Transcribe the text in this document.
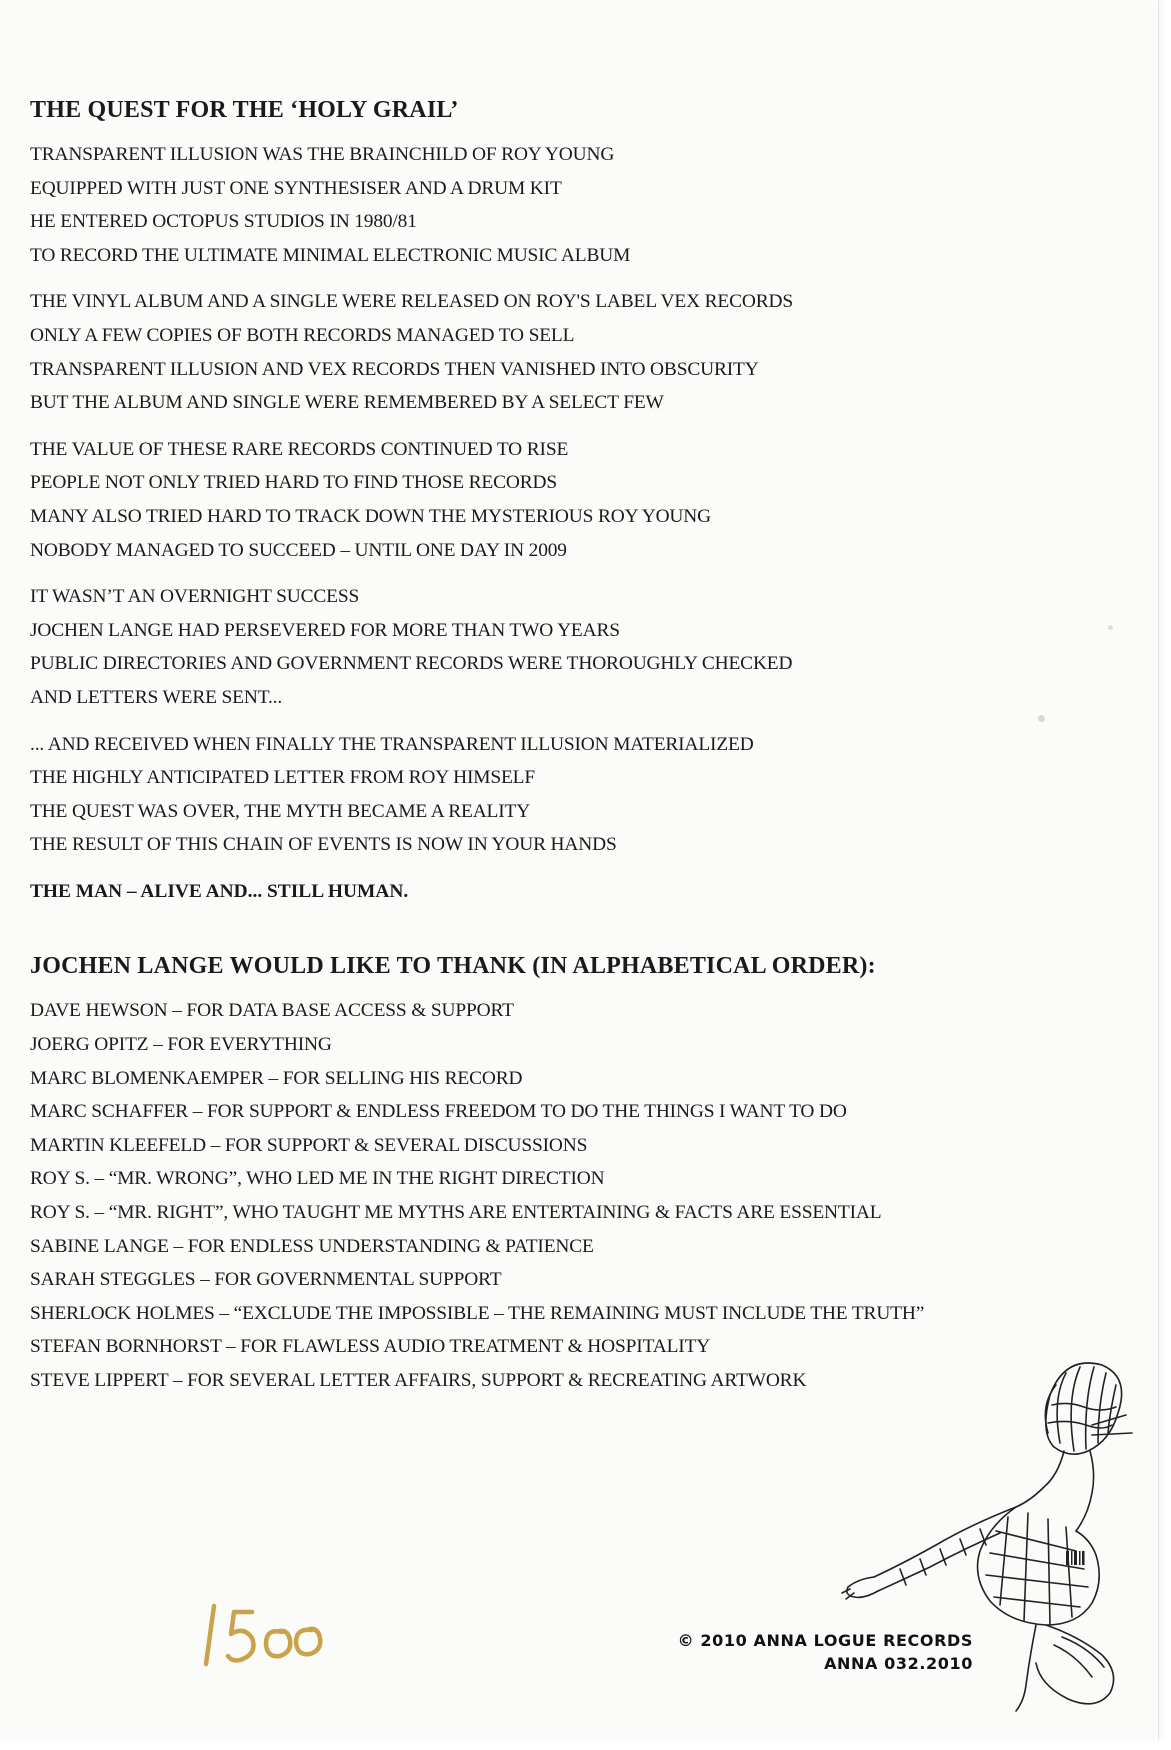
THE QUEST FOR THE ‘HOLY GRAIL’
TRANSPARENT ILLUSION WAS THE BRAINCHILD OF ROY YOUNG
EQUIPPED WITH JUST ONE SYNTHESISER AND A DRUM KIT
HE ENTERED OCTOPUS STUDIOS IN 1980/81
TO RECORD THE ULTIMATE MINIMAL ELECTRONIC MUSIC ALBUM
THE VINYL ALBUM AND A SINGLE WERE RELEASED ON ROY'S LABEL VEX RECORDS
ONLY A FEW COPIES OF BOTH RECORDS MANAGED TO SELL
TRANSPARENT ILLUSION AND VEX RECORDS THEN VANISHED INTO OBSCURITY
BUT THE ALBUM AND SINGLE WERE REMEMBERED BY A SELECT FEW
THE VALUE OF THESE RARE RECORDS CONTINUED TO RISE
PEOPLE NOT ONLY TRIED HARD TO FIND THOSE RECORDS
MANY ALSO TRIED HARD TO TRACK DOWN THE MYSTERIOUS ROY YOUNG
NOBODY MANAGED TO SUCCEED – UNTIL ONE DAY IN 2009
IT WASN’T AN OVERNIGHT SUCCESS
JOCHEN LANGE HAD PERSEVERED FOR MORE THAN TWO YEARS
PUBLIC DIRECTORIES AND GOVERNMENT RECORDS WERE THOROUGHLY CHECKED
AND LETTERS WERE SENT...
... AND RECEIVED WHEN FINALLY THE TRANSPARENT ILLUSION MATERIALIZED
THE HIGHLY ANTICIPATED LETTER FROM ROY HIMSELF
THE QUEST WAS OVER, THE MYTH BECAME A REALITY
THE RESULT OF THIS CHAIN OF EVENTS IS NOW IN YOUR HANDS
THE MAN – ALIVE AND... STILL HUMAN.
JOCHEN LANGE WOULD LIKE TO THANK (IN ALPHABETICAL ORDER):
DAVE HEWSON – FOR DATA BASE ACCESS & SUPPORT
JOERG OPITZ – FOR EVERYTHING
MARC BLOMENKAEMPER – FOR SELLING HIS RECORD
MARC SCHAFFER – FOR SUPPORT & ENDLESS FREEDOM TO DO THE THINGS I WANT TO DO
MARTIN KLEEFELD – FOR SUPPORT & SEVERAL DISCUSSIONS
ROY S. – “MR. WRONG”, WHO LED ME IN THE RIGHT DIRECTION
ROY S. – “MR. RIGHT”, WHO TAUGHT ME MYTHS ARE ENTERTAINING & FACTS ARE ESSENTIAL
SABINE LANGE – FOR ENDLESS UNDERSTANDING & PATIENCE
SARAH STEGGLES – FOR GOVERNMENTAL SUPPORT
SHERLOCK HOLMES – “EXCLUDE THE IMPOSSIBLE – THE REMAINING MUST INCLUDE THE TRUTH”
STEFAN BORNHORST – FOR FLAWLESS AUDIO TREATMENT & HOSPITALITY
STEVE LIPPERT – FOR SEVERAL LETTER AFFAIRS, SUPPORT & RECREATING ARTWORK
© 2010 ANNA LOGUE RECORDS
ANNA 032.2010
